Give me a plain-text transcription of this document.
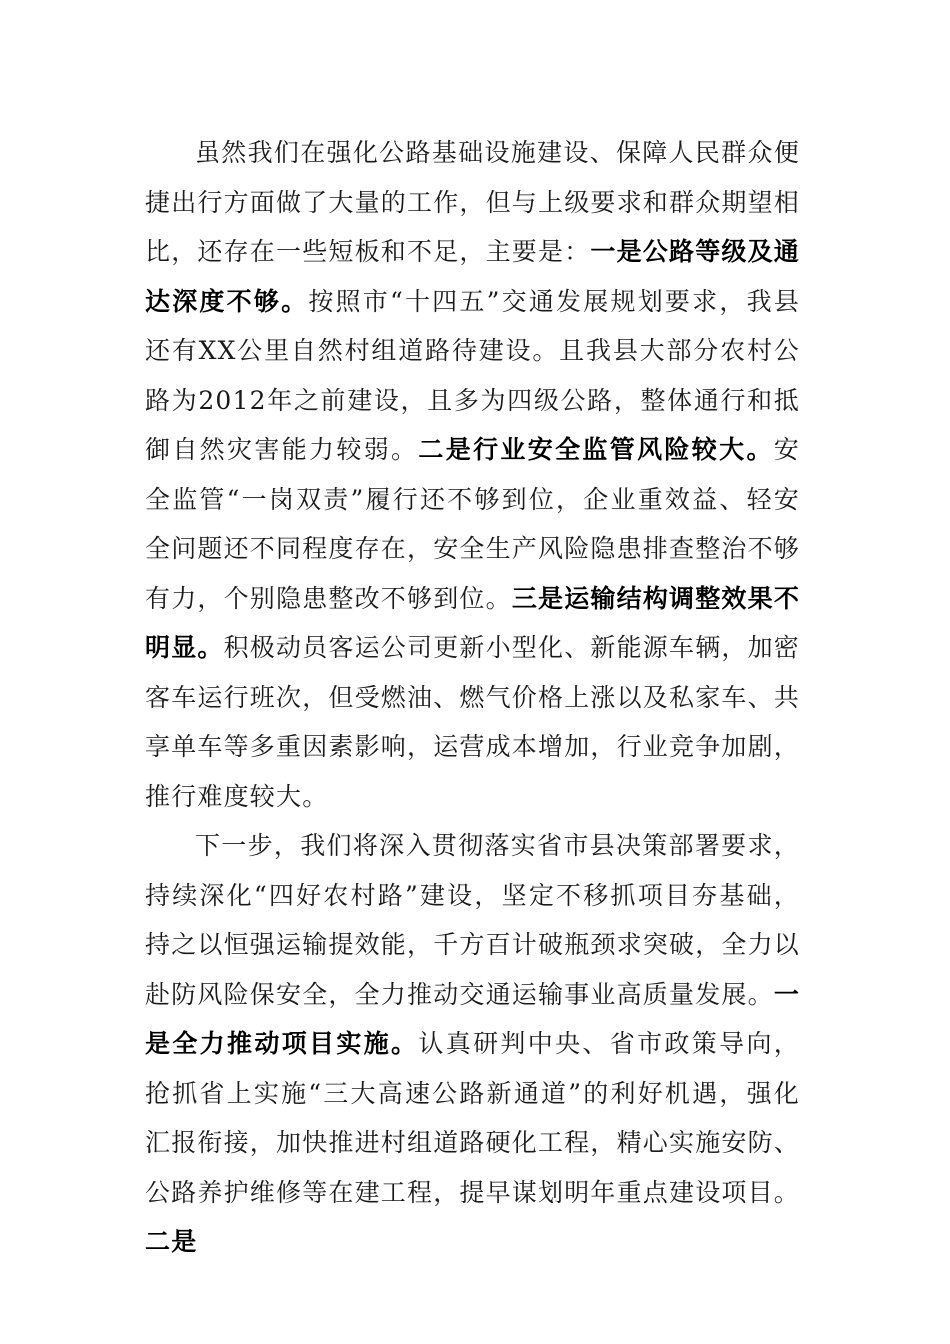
虽然我们在强化公路基础设施建设、保障人民群众便捷出行方面做了大量的工作，但与上级要求和群众期望相比，还存在一些短板和不足，主要是：一是公路等级及通达深度不够。按照市“十四五”交通发展规划要求，我县还有XX公里自然村组道路待建设。且我县大部分农村公路为2012年之前建设，且多为四级公路，整体通行和抵御自然灾害能力较弱。二是行业安全监管风险较大。安全监管“一岗双责”履行还不够到位，企业重效益、轻安全问题还不同程度存在，安全生产风险隐患排查整治不够有力，个别隐患整改不够到位。三是运输结构调整效果不明显。积极动员客运公司更新小型化、新能源车辆，加密客车运行班次，但受燃油、燃气价格上涨以及私家车、共享单车等多重因素影响，运营成本增加，行业竞争加剧，推行难度较大。

下一步，我们将深入贯彻落实省市县决策部署要求，持续深化“四好农村路”建设，坚定不移抓项目夯基础，持之以恒强运输提效能，千方百计破瓶颈求突破，全力以赴防风险保安全，全力推动交通运输事业高质量发展。一是全力推动项目实施。认真研判中央、省市政策导向，抢抓省上实施“三大高速公路新通道”的利好机遇，强化汇报衔接，加快推进村组道路硬化工程，精心实施安防、公路养护维修等在建工程，提早谋划明年重点建设项目。二是
